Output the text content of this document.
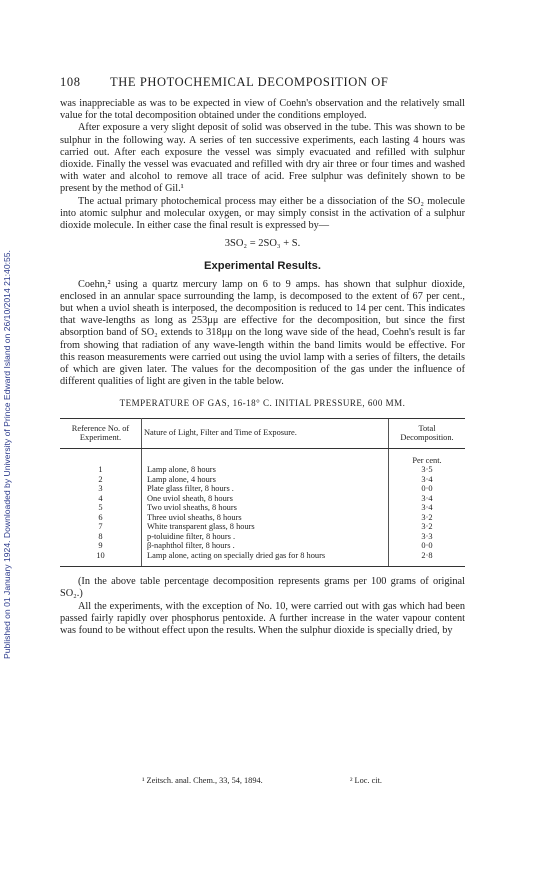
Published on 01 January 1924. Downloaded by University of Prince Edward Island on 26/10/2014 21:40:55.
108 THE PHOTOCHEMICAL DECOMPOSITION OF

was inappreciable as was to be expected in view of Coehn's observation and the relatively small value for the total decomposition obtained under the conditions employed.

After exposure a very slight deposit of solid was observed in the tube. This was shown to be sulphur in the following way. A series of ten successive experiments, each lasting 4 hours was carried out. After each exposure the vessel was simply evacuated and refilled with sulphur dioxide. Finally the vessel was evacuated and refilled with dry air three or four times and washed with water and alcohol to remove all trace of acid. Free sulphur was definitely shown to be present by the method of Gil.¹

The actual primary photochemical process may either be a dissociation of the SO₂ molecule into atomic sulphur and molecular oxygen, or may simply consist in the activation of a sulphur dioxide molecule. In either case the final result is expressed by—

3SO₂ = 2SO₃ + S.
Experimental Results.

Coehn,² using a quartz mercury lamp on 6 to 9 amps. has shown that sulphur dioxide, enclosed in an annular space surrounding the lamp, is decomposed to the extent of 67 per cent., but when a uviol sheath is interposed, the decomposition is reduced to 14 per cent. This indicates that wave-lengths as long as 253μμ are effective for the decomposition, but since the first absorption band of SO₂ extends to 318μμ on the long wave side of the head, Coehn's result is far from showing that radiation of any wave-length within the band limits would be effective. For this reason measurements were carried out using the uviol lamp with a series of filters, the details of which are given later. The values for the decomposition of the gas under the influence of different qualities of light are given in the table below.

TEMPERATURE OF GAS, 16-18° C. INITIAL PRESSURE, 600 MM.
Reference No. of Experiment.	Nature of Light, Filter and Time of Exposure.	Total Decomposition.
		Per cent.
1	Lamp alone, 8 hours	3·5
2	Lamp alone, 4 hours	3·4
3	Plate glass filter, 8 hours .	0·0
4	One uviol sheath, 8 hours	3·4
5	Two uviol sheaths, 8 hours	3·4
6	Three uviol sheaths, 8 hours	3·2
7	White transparent glass, 8 hours	3·2
8	p-toluidine filter, 8 hours .	3·3
9	β-naphthol filter, 8 hours .	0·0
10	Lamp alone, acting on specially dried gas for 8 hours	2·8

(In the above table percentage decomposition represents grams per 100 grams of original SO₂.)

All the experiments, with the exception of No. 10, were carried out with gas which had been passed fairly rapidly over phosphorus pentoxide. A further increase in the water vapour content was found to be without effect upon the results. When the sulphur dioxide is specially dried, by

¹ Zeitsch. anal. Chem., 33, 54, 1894.	² Loc. cit.
